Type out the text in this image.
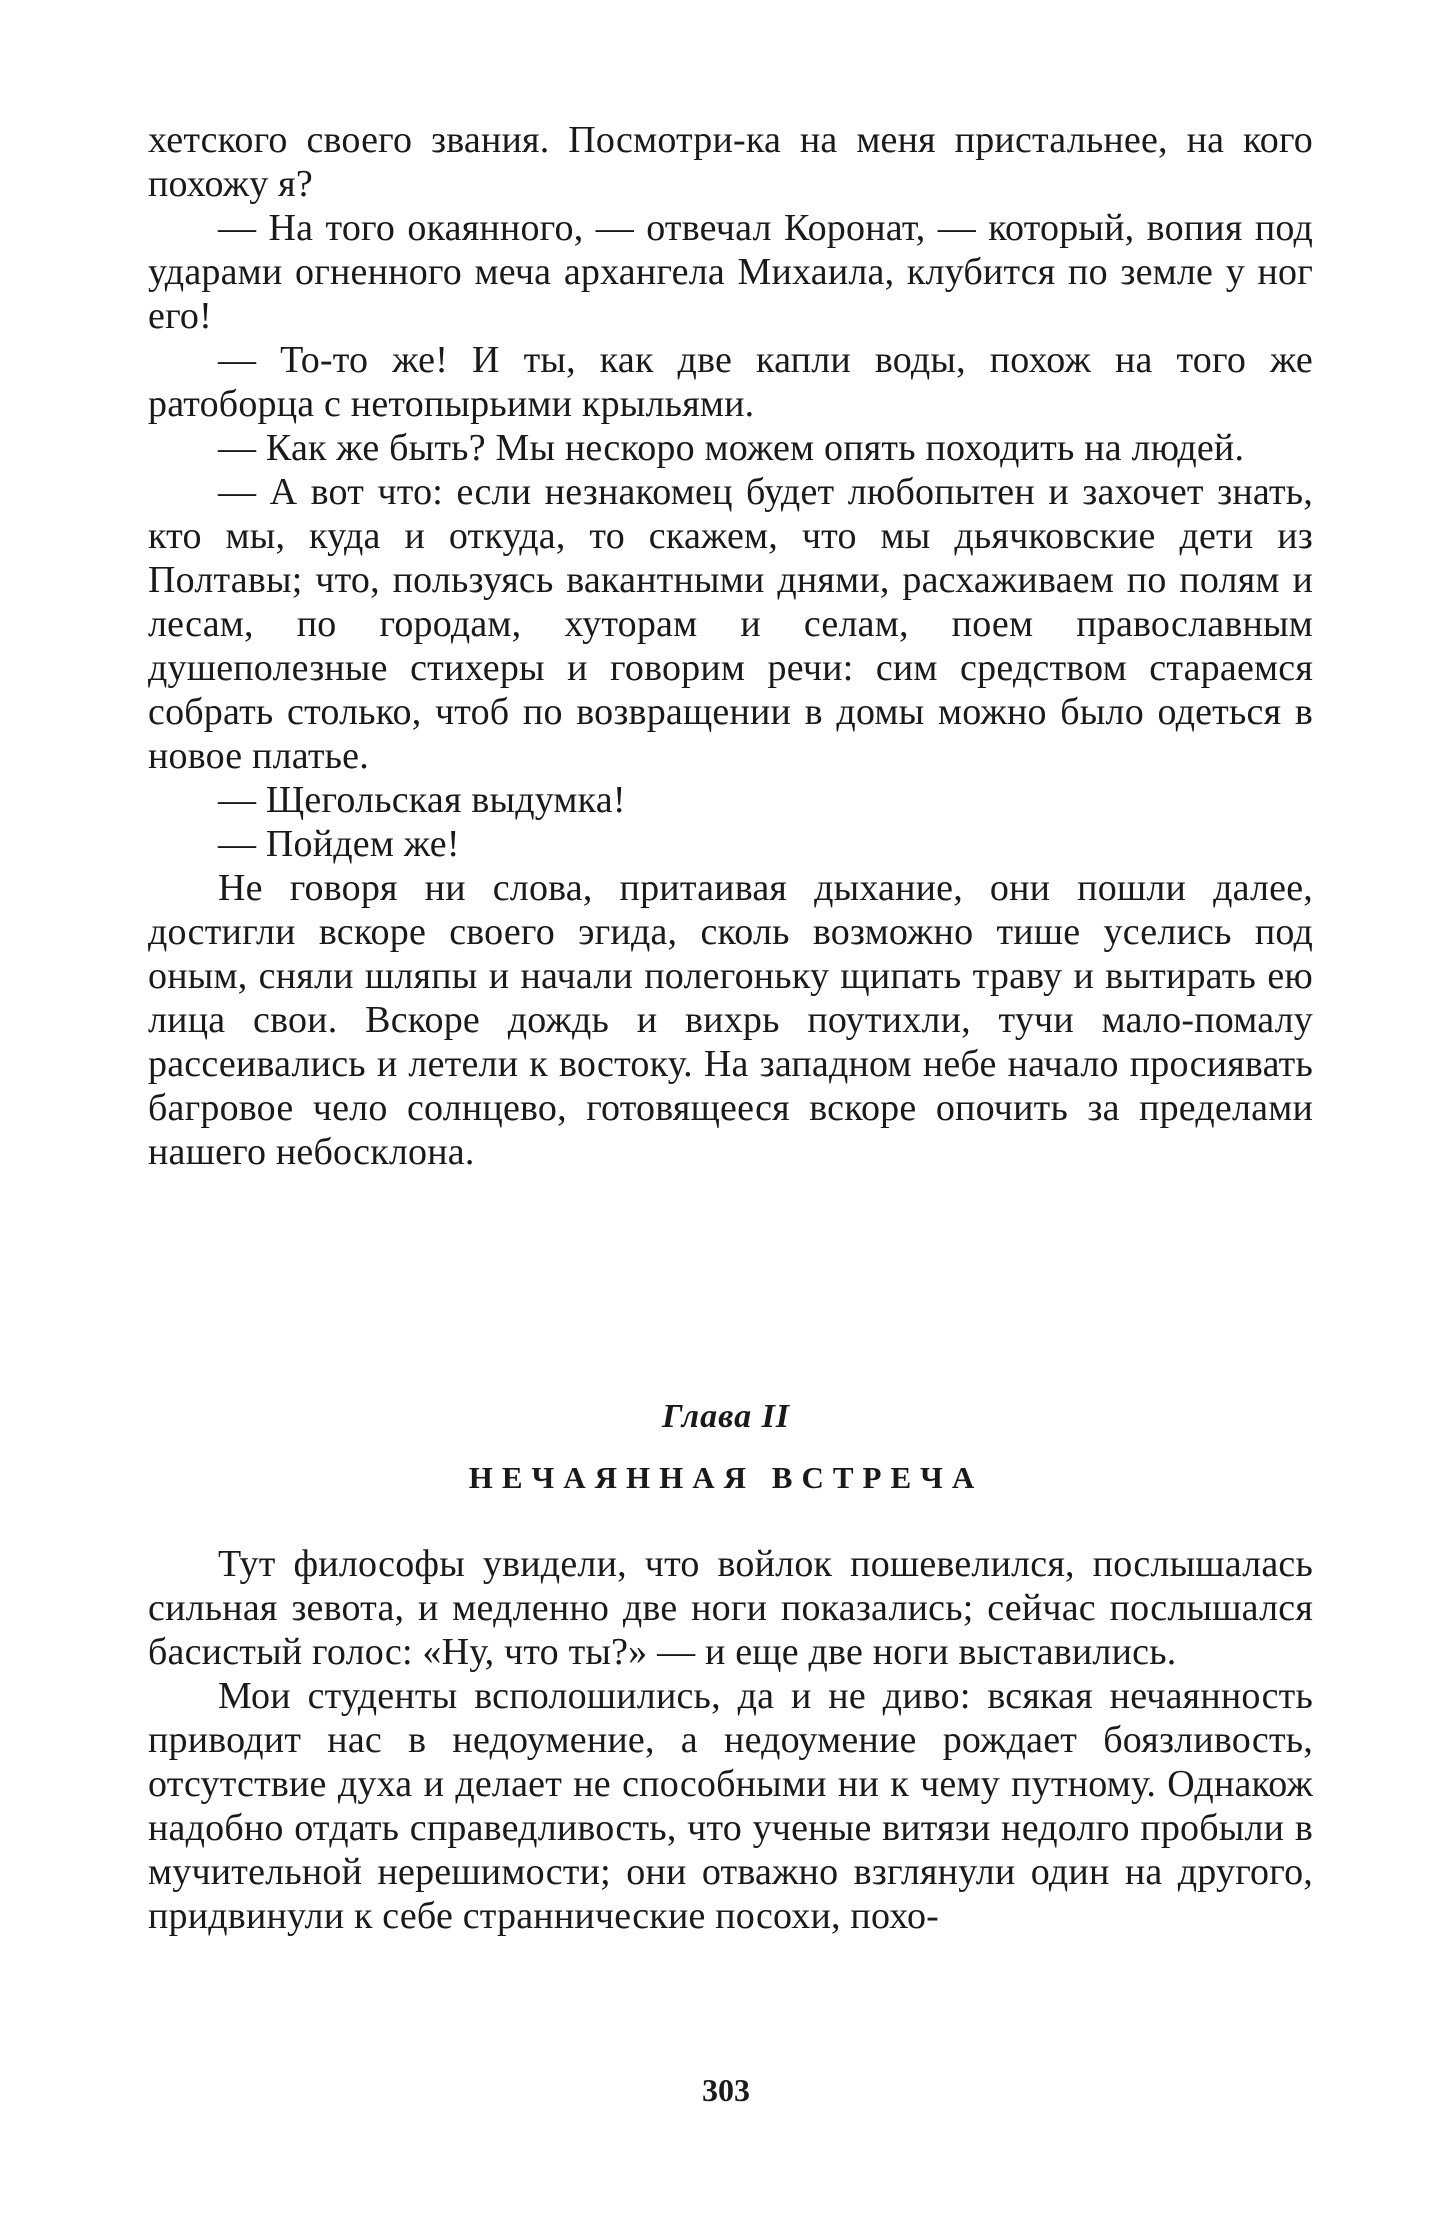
хетского своего звания. Посмотри-ка на меня пристальнее, на кого похожу я?

— На того окаянного, — отвечал Коронат, — который, вопия под ударами огненного меча архангела Михаила, клубится по земле у ног его!

— То-то же! И ты, как две капли воды, похож на того же ратоборца с нетопырьими крыльями.

— Как же быть? Мы нескоро можем опять походить на людей.

— А вот что: если незнакомец будет любопытен и захочет знать, кто мы, куда и откуда, то скажем, что мы дьячковские дети из Полтавы; что, пользуясь вакантными днями, расхаживаем по полям и лесам, по городам, хуторам и селам, поем православным душеполезные стихеры и говорим речи: сим средством стараемся собрать столько, чтоб по возвращении в домы можно было одеться в новое платье.

— Щегольская выдумка!

— Пойдем же!

Не говоря ни слова, притаивая дыхание, они пошли далее, достигли вскоре своего эгида, сколь возможно тише уселись под оным, сняли шляпы и начали полегоньку щипать траву и вытирать ею лица свои. Вскоре дождь и вихрь поутихли, тучи мало-помалу рассеивались и летели к востоку. На западном небе начало просиявать багровое чело солнцево, готовящееся вскоре опочить за пределами нашего небосклона.

Глава II
НЕЧАЯННАЯ ВСТРЕЧА

Тут философы увидели, что войлок пошевелился, послышалась сильная зевота, и медленно две ноги показались; сейчас послышался басистый голос: «Ну, что ты?» — и еще две ноги выставились.

Мои студенты всполошились, да и не диво: всякая нечаянность приводит нас в недоумение, а недоумение рождает боязливость, отсутствие духа и делает не способными ни к чему путному. Однакож надобно отдать справедливость, что ученые витязи недолго пробыли в мучительной нерешимости; они отважно взглянули один на другого, придвинули к себе страннические посохи, похо-

303
